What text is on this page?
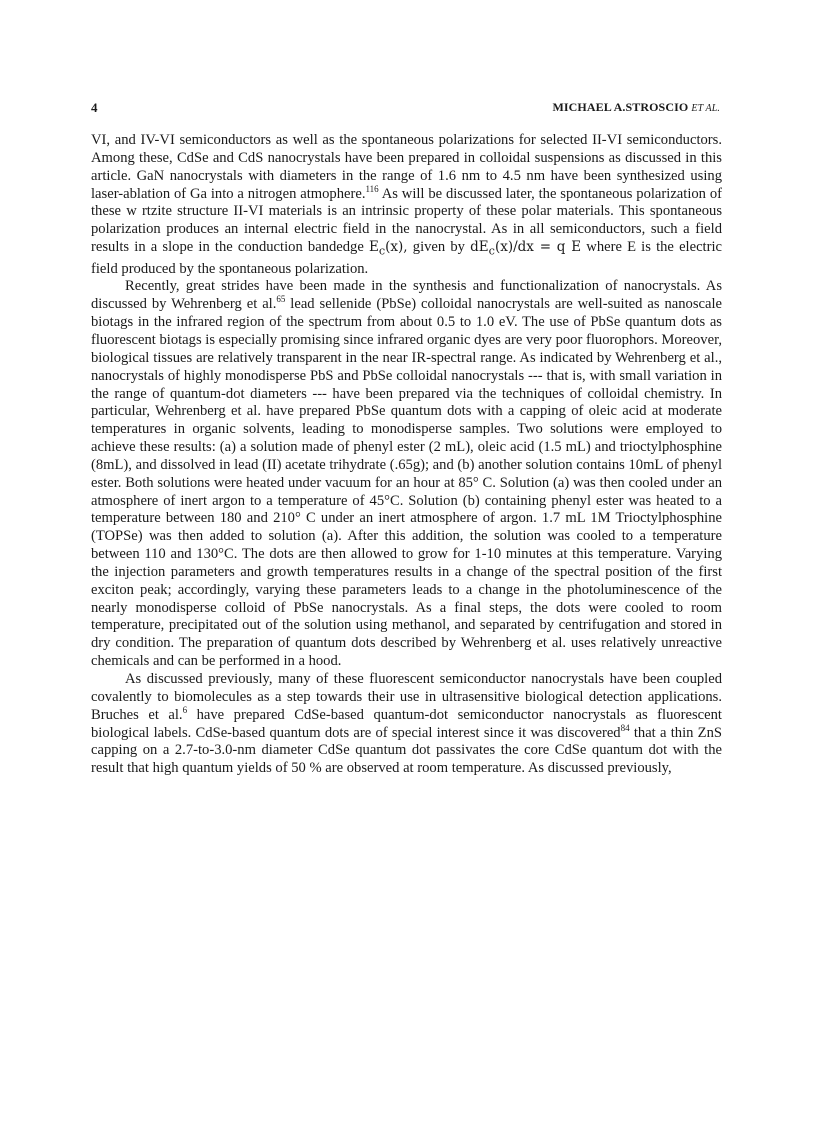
4	MICHAEL A.STROSCIO ET AL.

VI, and IV-VI semiconductors as well as the spontaneous polarizations for selected II-VI semiconductors. Among these, CdSe and CdS nanocrystals have been prepared in colloidal suspensions as discussed in this article. GaN nanocrystals with diameters in the range of 1.6 nm to 4.5 nm have been synthesized using laser-ablation of Ga into a nitrogen atmophere.$^{116}$ As will be discussed later, the spontaneous polarization of these w rtzite structure II-VI materials is an intrinsic property of these polar materials. This spontaneous polarization produces an internal electric field in the nanocrystal. As in all semiconductors, such a field results in a slope in the conduction bandedge $E_c(x)$, given by $dE_c(x)/dx = q$ E where E is the electric field produced by the spontaneous polarization.

Recently, great strides have been made in the synthesis and functionalization of nanocrystals. As discussed by Wehrenberg et al.$^{65}$ lead sellenide (PbSe) colloidal nanocrystals are well-suited as nanoscale biotags in the infrared region of the spectrum from about 0.5 to 1.0 eV. The use of PbSe quantum dots as fluorescent biotags is especially promising since infrared organic dyes are very poor fluorophors. Moreover, biological tissues are relatively transparent in the near IR-spectral range. As indicated by Wehrenberg et al., nanocrystals of highly monodisperse PbS and PbSe colloidal nanocrystals --- that is, with small variation in the range of quantum-dot diameters --- have been prepared via the techniques of colloidal chemistry. In particular, Wehrenberg et al. have prepared PbSe quantum dots with a capping of oleic acid at moderate temperatures in organic solvents, leading to monodisperse samples. Two solutions were employed to achieve these results: (a) a solution made of phenyl ester (2 mL), oleic acid (1.5 mL) and trioctylphosphine (8mL), and dissolved in lead (II) acetate trihydrate (.65g); and (b) another solution contains 10mL of phenyl ester. Both solutions were heated under vacuum for an hour at 85° C. Solution (a) was then cooled under an atmosphere of inert argon to a temperature of 45°C. Solution (b) containing phenyl ester was heated to a temperature between 180 and 210° C under an inert atmosphere of argon. 1.7 mL 1M Trioctylphosphine (TOPSe) was then added to solution (a). After this addition, the solution was cooled to a temperature between 110 and 130°C. The dots are then allowed to grow for 1-10 minutes at this temperature. Varying the injection parameters and growth temperatures results in a change of the spectral position of the first exciton peak; accordingly, varying these parameters leads to a change in the photoluminescence of the nearly monodisperse colloid of PbSe nanocrystals. As a final steps, the dots were cooled to room temperature, precipitated out of the solution using methanol, and separated by centrifugation and stored in dry condition. The preparation of quantum dots described by Wehrenberg et al. uses relatively unreactive chemicals and can be performed in a hood.

As discussed previously, many of these fluorescent semiconductor nanocrystals have been coupled covalently to biomolecules as a step towards their use in ultrasensitive biological detection applications. Bruches et al.$^6$ have prepared CdSe-based quantum-dot semiconductor nanocrystals as fluorescent biological labels. CdSe-based quantum dots are of special interest since it was discovered$^{84}$ that a thin ZnS capping on a 2.7-to-3.0-nm diameter CdSe quantum dot passivates the core CdSe quantum dot with the result that high quantum yields of 50 % are observed at room temperature. As discussed previously,
